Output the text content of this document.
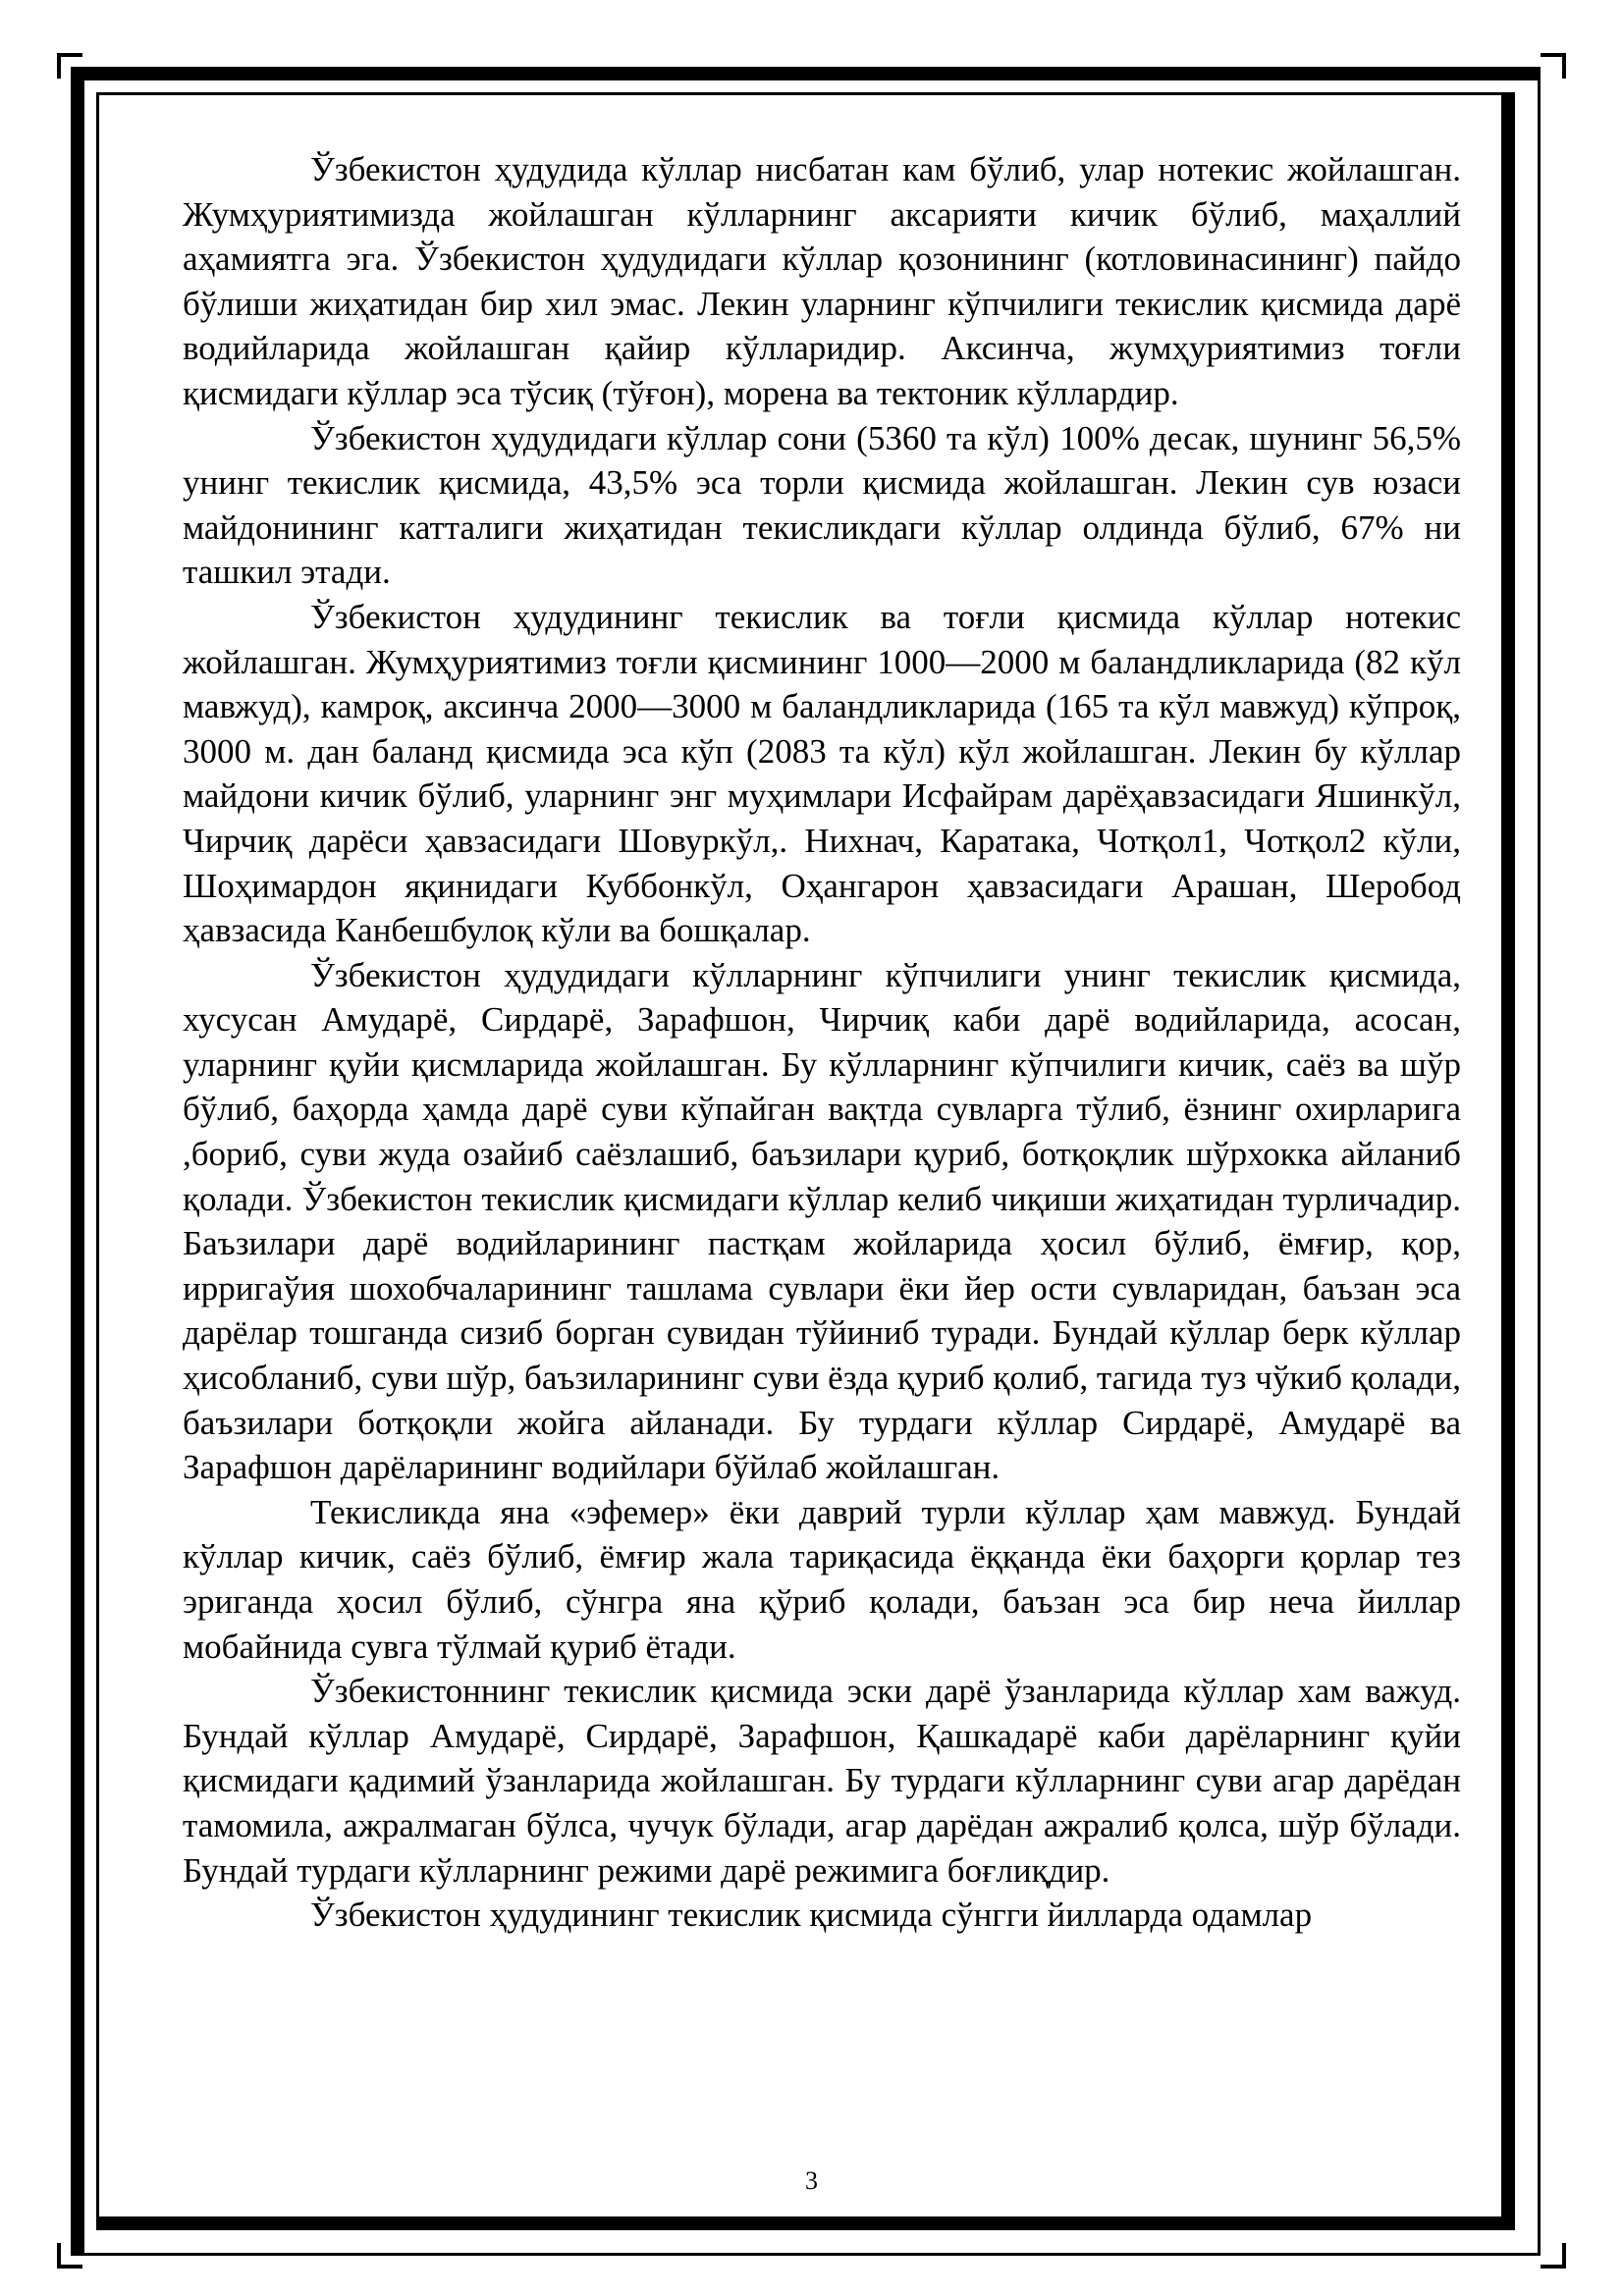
Ўзбекистон ҳудудида кўллар нисбатан кам бўлиб, улар нотекис жойлашган. Жумҳуриятимизда жойлашган кўлларнинг аксарияти кичик бўлиб, маҳаллий аҳамиятга эга. Ўзбекистон ҳудудидаги кўллар қозонининг (котловинасининг) пайдо бўлиши жиҳатидан бир хил эмас. Лекин уларнинг кўпчилиги текислик қисмида дарё водийларида жойлашган қайир кўлларидир. Аксинча, жумҳуриятимиз тоғли қисмидаги кўллар эса тўсиқ (тўғон), морена ва тектоник кўллардир.

Ўзбекистон ҳудудидаги кўллар сони (5360 та кўл) 100% десак, шунинг 56,5% унинг текислик қисмида, 43,5% эса торли қисмида жойлашган. Лекин сув юзаси майдонининг катталиги жиҳатидан текисликдаги кўллар олдинда бўлиб, 67% ни ташкил этади.

Ўзбекистон ҳудудининг текислик ва тоғли қисмида кўллар нотекис жойлашган. Жумҳуриятимиз тоғли қисмининг 1000—2000 м баландликларида (82 кўл мавжуд), камроқ, аксинча 2000—3000 м баландликларида (165 та кўл мавжуд) кўпроқ, 3000 м. дан баланд қисмида эса кўп (2083 та кўл) кўл жойлашган. Лекин бу кўллар майдони кичик бўлиб, уларнинг энг муҳимлари Исфайрам дарёҳавзасидаги Яшинкўл, Чирчиқ дарёси ҳавзасидаги Шовуркўл,. Нихнач, Каратака, Чотқол1, Чотқол2 кўли, Шоҳимардон яқинидаги Куббонкўл, Оҳангарон ҳавзасидаги Арашан, Шеробод ҳавзасида Канбешбулоқ кўли ва бошқалар.

Ўзбекистон ҳудудидаги кўлларнинг кўпчилиги унинг текислик қисмида, хусусан Амударё, Сирдарё, Зарафшон, Чирчиқ каби дарё водийларида, асосан, уларнинг қуйи қисмларида жойлашган. Бу кўлларнинг кўпчилиги кичик, саёз ва шўр бўлиб, баҳорда ҳамда дарё суви кўпайган вақтда сувларга тўлиб, ёзнинг охирларига ,бориб, суви жуда озайиб саёзлашиб, баъзилари қуриб, ботқоқлик шўрхокка айланиб қолади. Ўзбекистон текислик қисмидаги кўллар келиб чиқиши жиҳатидан турличадир. Баъзилари дарё водийларининг пастқам жойларида ҳосил бўлиб, ёмғир, қор, ирригаўия шохобчаларининг ташлама сувлари ёки йер ости сувларидан, баъзан эса дарёлар тошганда сизиб борган сувидан тўйиниб туради. Бундай кўллар берк кўллар ҳисобланиб, суви шўр, баъзиларининг суви ёзда қуриб қолиб, тагида туз чўкиб қолади, баъзилари ботқоқли жойга айланади. Бу турдаги кўллар Сирдарё, Амударё ва Зарафшон дарёларининг водийлари бўйлаб жойлашган.

Текисликда яна «эфемер» ёки даврий турли кўллар ҳам мавжуд. Бундай кўллар кичик, саёз бўлиб, ёмғир жала тариқасида ёққанда ёки баҳорги қорлар тез эриганда ҳосил бўлиб, сўнгра яна қўриб қолади, баъзан эса бир неча йиллар мобайнида сувга тўлмай қуриб ётади.

Ўзбекистоннинг текислик қисмида эски дарё ўзанларида кўллар хам важуд. Бундай кўллар Амударё, Сирдарё, Зарафшон, Қашкадарё каби дарёларнинг қуйи қисмидаги қадимий ўзанларида жойлашган. Бу турдаги кўлларнинг суви агар дарёдан тамомила, ажралмаган бўлса, чучук бўлади, агар дарёдан ажралиб қолса, шўр бўлади. Бундай турдаги кўлларнинг режими дарё режимига боғлиқдир.

Ўзбекистон ҳудудининг текислик қисмида сўнгги йилларда одамлар

3
